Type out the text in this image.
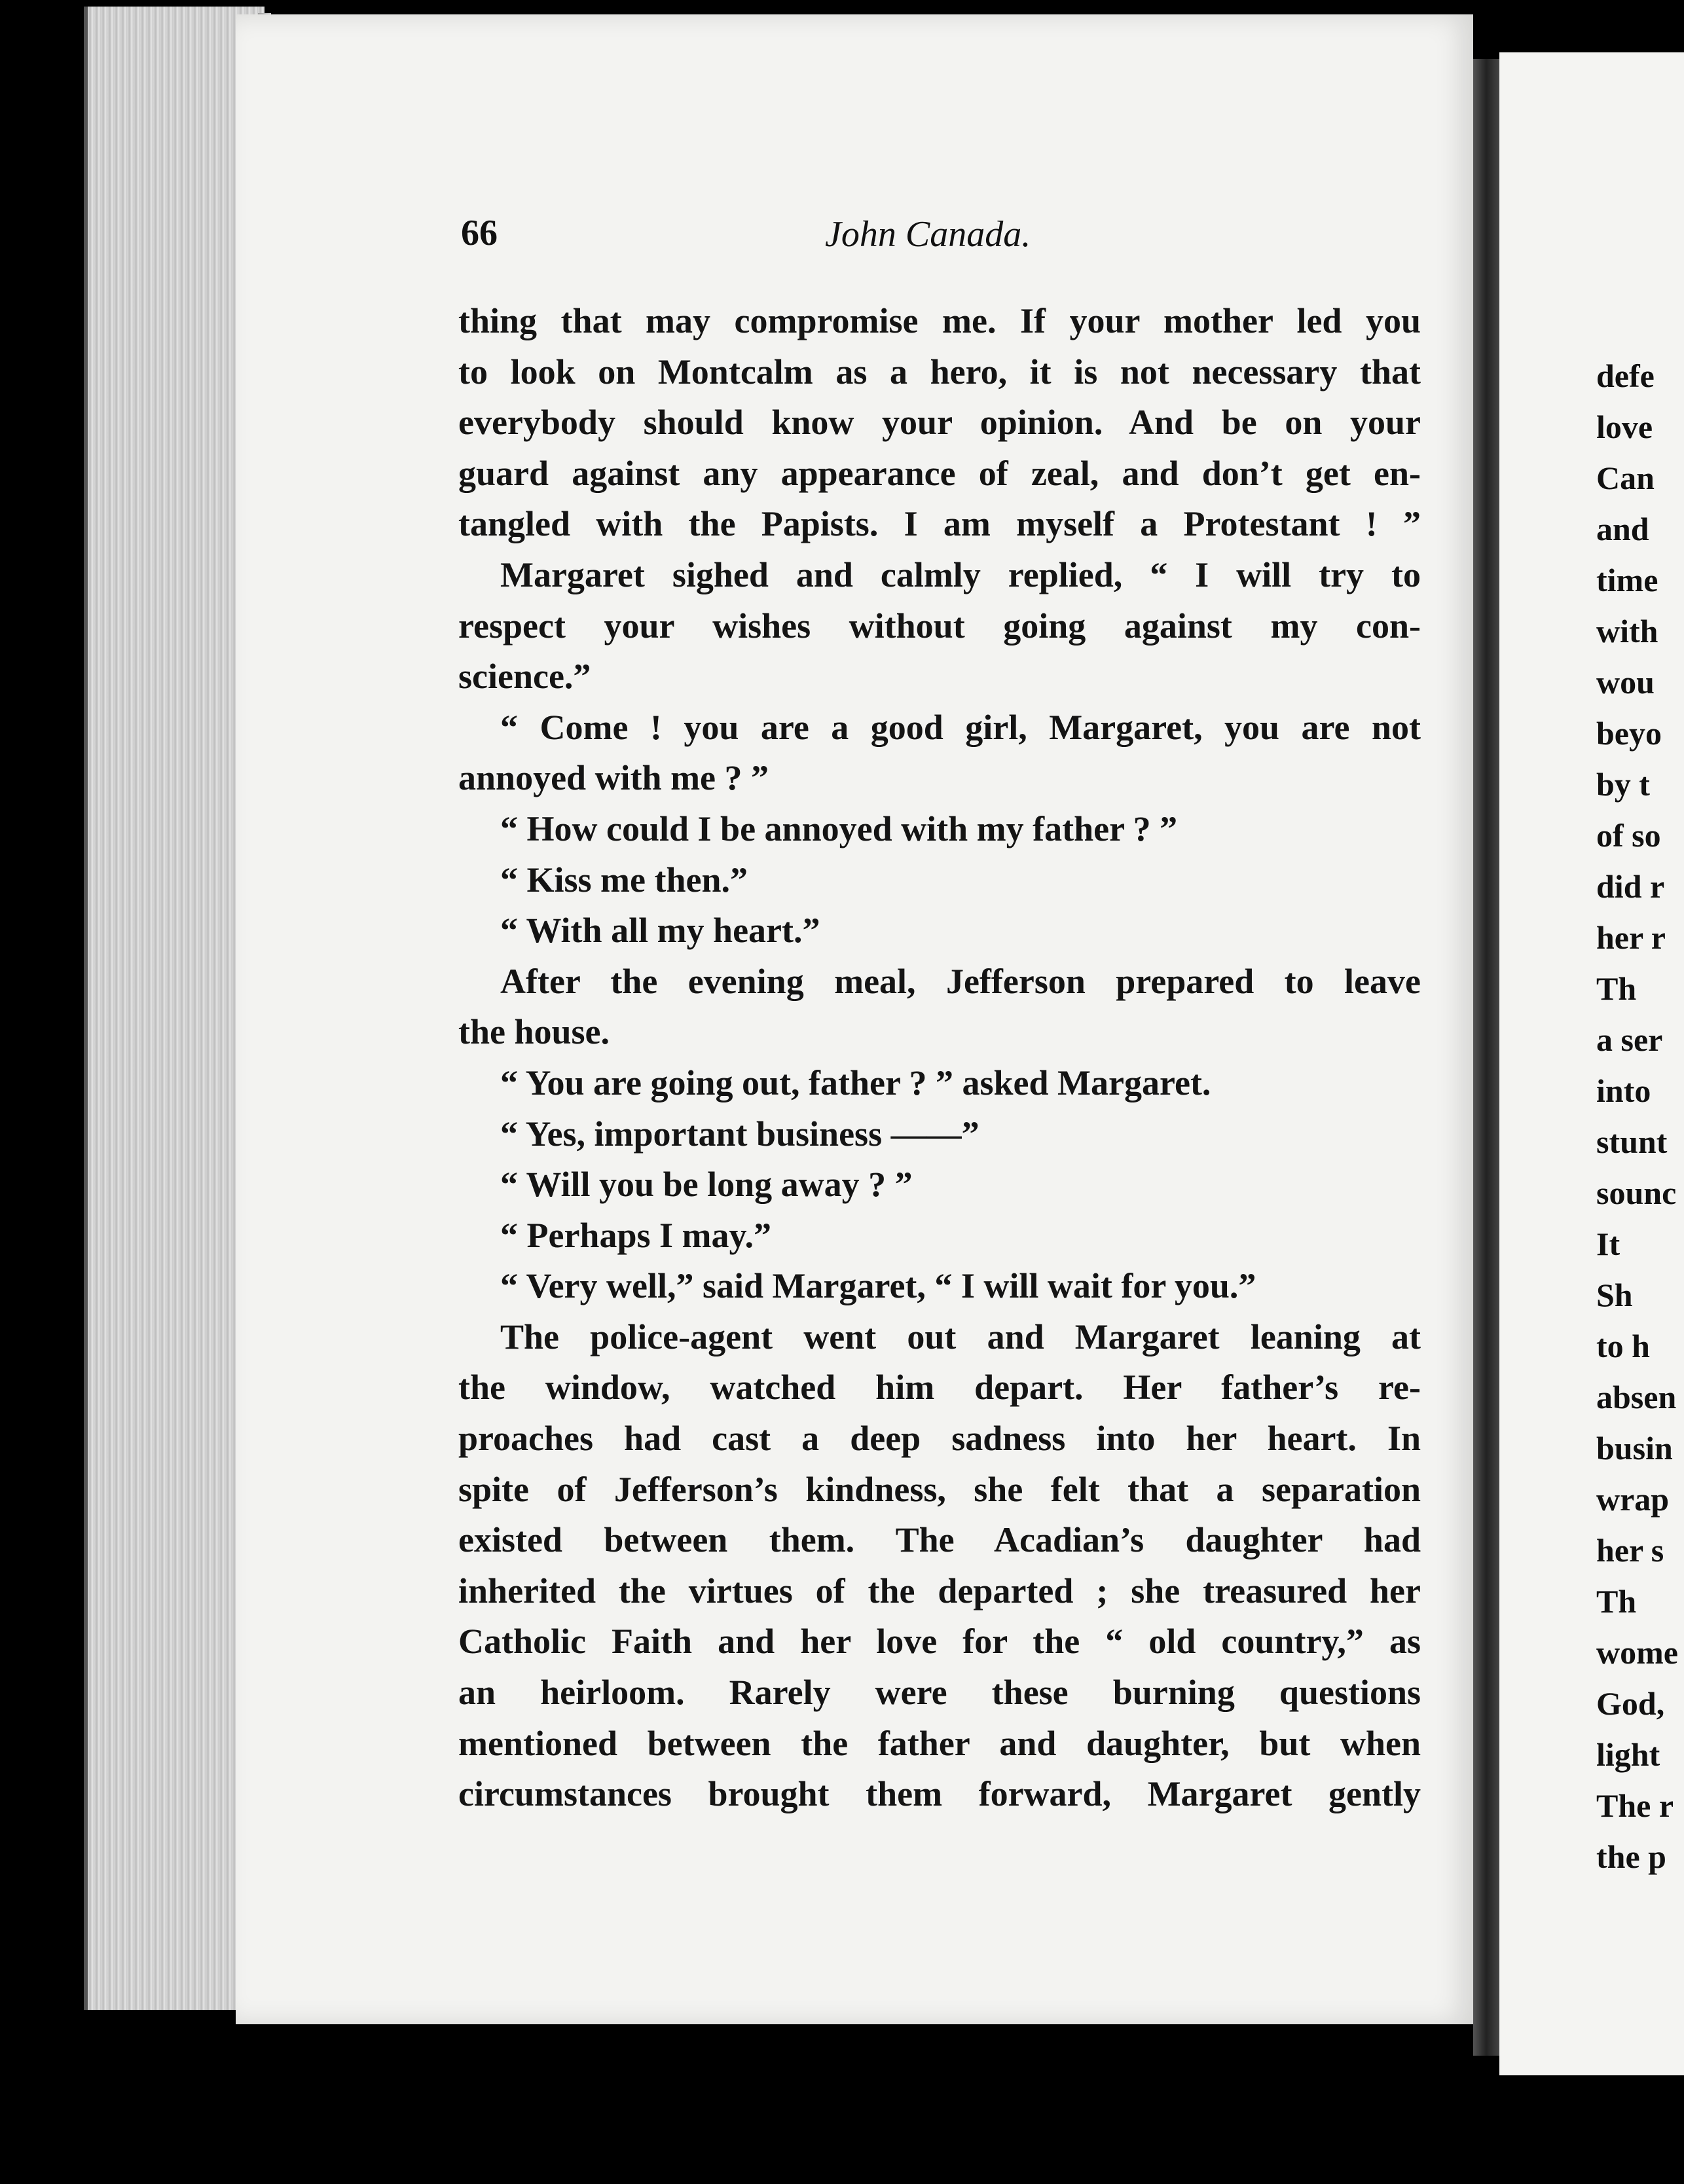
66	John Canada.
thing that may compromise me. If your mother led you
to look on Montcalm as a hero, it is not necessary that
everybody should know your opinion. And be on your
guard against any appearance of zeal, and don’t get en-
tangled with the Papists. I am myself a Protestant ! ”
Margaret sighed and calmly replied, “ I will try to
respect your wishes without going against my con-
science.”
“ Come ! you are a good girl, Margaret, you are not
annoyed with me ? ”
“ How could I be annoyed with my father ? ”
“ Kiss me then.”
“ With all my heart.”
After the evening meal, Jefferson prepared to leave
the house.
“ You are going out, father ? ” asked Margaret.
“ Yes, important business ——”
“ Will you be long away ? ”
“ Perhaps I may.”
“ Very well,” said Margaret, “ I will wait for you.”
The police-agent went out and Margaret leaning at
the window, watched him depart. Her father’s re-
proaches had cast a deep sadness into her heart. In
spite of Jefferson’s kindness, she felt that a separation
existed between them. The Acadian’s daughter had
inherited the virtues of the departed ; she treasured her
Catholic Faith and her love for the “ old country,” as
an heirloom. Rarely were these burning questions
mentioned between the father and daughter, but when
circumstances brought them forward, Margaret gently
defe
love
Can
and
time
with
wou
beyo
by t
of so
did r
her r
Th
a ser
into
stunt
sounc
It
Sh
to h
absen
busin
wrap
her s
Th
wome
God,
light
The r
the p
